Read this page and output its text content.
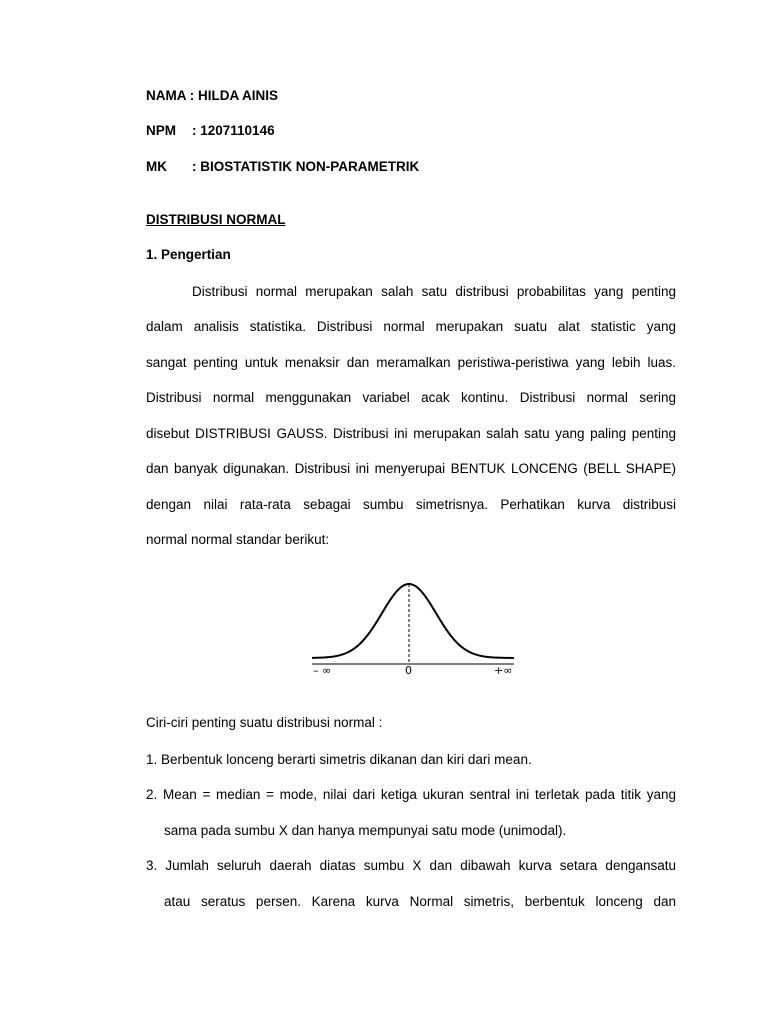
NAMA : HILDA AINIS
NPM : 1207110146
MK : BIOSTATISTIK NON-PARAMETRIK
DISTRIBUSI NORMAL
1. Pengertian
Distribusi normal merupakan salah satu distribusi probabilitas yang penting
dalam analisis statistika. Distribusi normal merupakan suatu alat statistic yang
sangat penting untuk menaksir dan meramalkan peristiwa-peristiwa yang lebih luas.
Distribusi normal menggunakan variabel acak kontinu. Distribusi normal sering
disebut DISTRIBUSI GAUSS. Distribusi ini merupakan salah satu yang paling penting
dan banyak digunakan. Distribusi ini menyerupai BENTUK LONCENG (BELL SHAPE)
dengan nilai rata-rata sebagai sumbu simetrisnya. Perhatikan kurva distribusi
normal normal standar berikut:
– ∞	0	+∞
Ciri-ciri penting suatu distribusi normal :
1. Berbentuk lonceng berarti simetris dikanan dan kiri dari mean.
2. Mean = median = mode, nilai dari ketiga ukuran sentral ini terletak pada titik yang
sama pada sumbu X dan hanya mempunyai satu mode (unimodal).
3. Jumlah seluruh daerah diatas sumbu X dan dibawah kurva setara dengansatu
atau seratus persen. Karena kurva Normal simetris, berbentuk lonceng dan
